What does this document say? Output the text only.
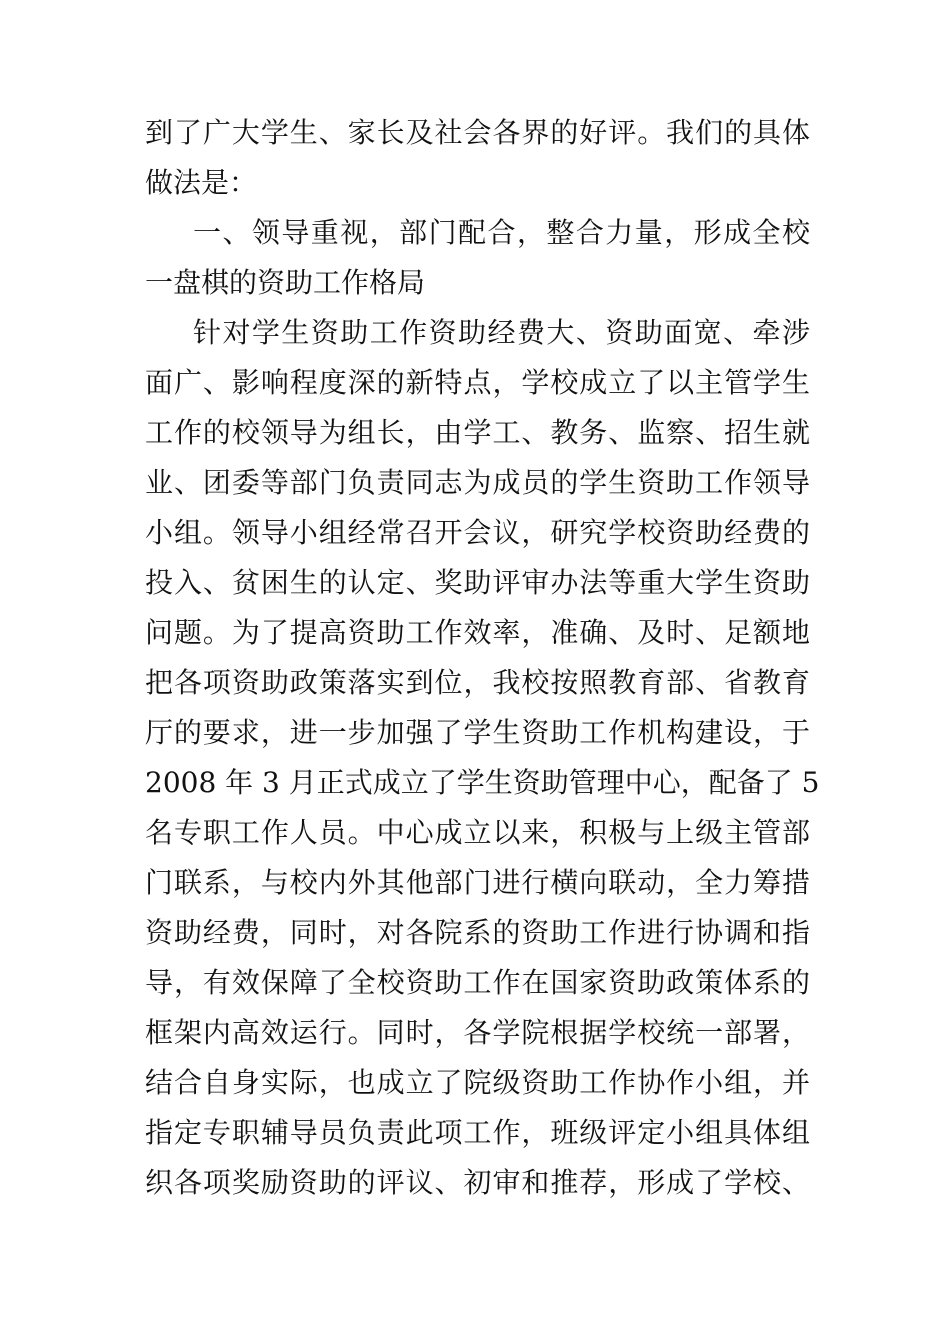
到了广大学生、家长及社会各界的好评。我们的具体
做法是：
一、领导重视，部门配合，整合力量，形成全校
一盘棋的资助工作格局
针对学生资助工作资助经费大、资助面宽、牵涉
面广、影响程度深的新特点，学校成立了以主管学生
工作的校领导为组长，由学工、教务、监察、招生就
业、团委等部门负责同志为成员的学生资助工作领导
小组。领导小组经常召开会议，研究学校资助经费的
投入、贫困生的认定、奖助评审办法等重大学生资助
问题。为了提高资助工作效率，准确、及时、足额地
把各项资助政策落实到位，我校按照教育部、省教育
厅的要求，进一步加强了学生资助工作机构建设，于
2008 年 3 月正式成立了学生资助管理中心，配备了 5
名专职工作人员。中心成立以来，积极与上级主管部
门联系，与校内外其他部门进行横向联动，全力筹措
资助经费，同时，对各院系的资助工作进行协调和指
导，有效保障了全校资助工作在国家资助政策体系的
框架内高效运行。同时，各学院根据学校统一部署，
结合自身实际，也成立了院级资助工作协作小组，并
指定专职辅导员负责此项工作，班级评定小组具体组
织各项奖励资助的评议、初审和推荐，形成了学校、
